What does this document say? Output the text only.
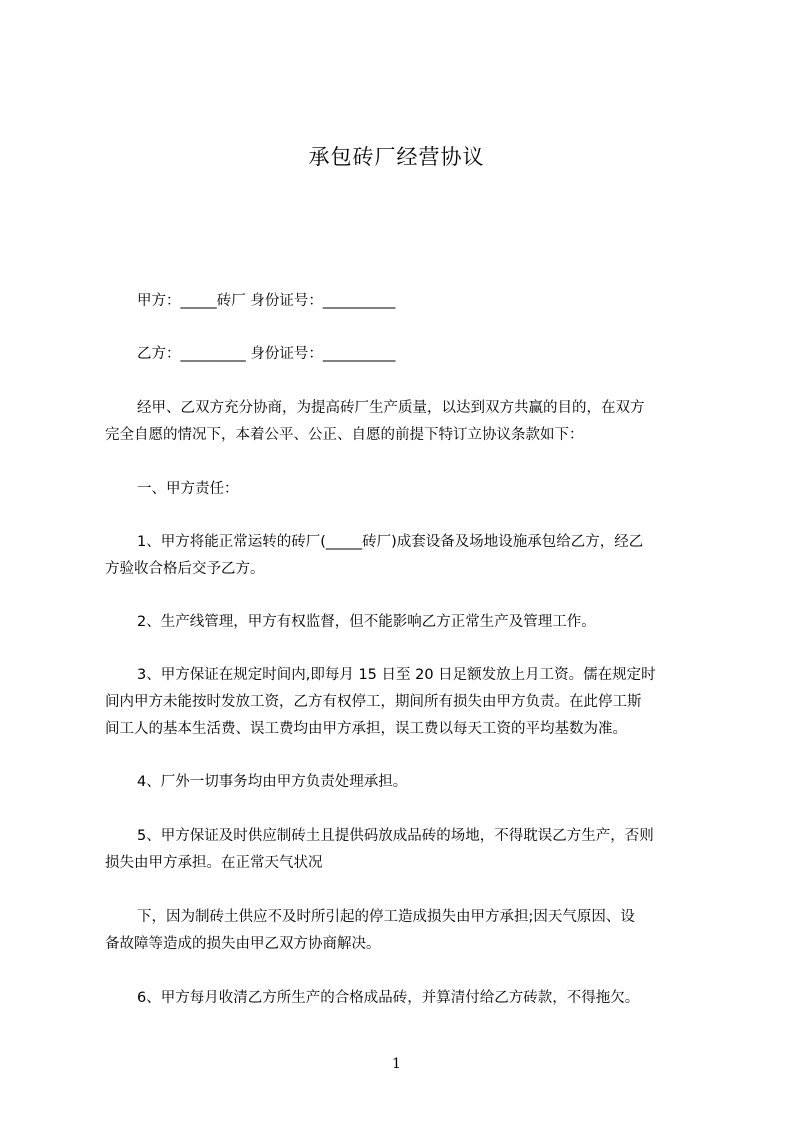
承包砖厂经营协议
甲方：_____砖厂 身份证号：__________
乙方：_________ 身份证号：__________
经甲、乙双方充分协商，为提高砖厂生产质量，以达到双方共赢的目的，在双方
完全自愿的情况下，本着公平、公正、自愿的前提下特订立协议条款如下：
一、甲方责任：
1、甲方将能正常运转的砖厂(_____砖厂)成套设备及场地设施承包给乙方，经乙
方验收合格后交予乙方。
2、生产线管理，甲方有权监督，但不能影响乙方正常生产及管理工作。
3、甲方保证在规定时间内,即每月 15 日至 20 日足额发放上月工资。儒在规定时
间内甲方未能按时发放工资，乙方有权停工，期间所有损失由甲方负责。在此停工斯
间工人的基本生活费、误工费均由甲方承担，误工费以每天工资的平均基数为准。
4、厂外一切事务均由甲方负责处理承担。
5、甲方保证及时供应制砖土且提供码放成品砖的场地，不得耽误乙方生产，否则
损失由甲方承担。在正常天气状况
下，因为制砖土供应不及时所引起的停工造成损失由甲方承担;因天气原因、设
备故障等造成的损失由甲乙双方协商解决。
6、甲方每月收清乙方所生产的合格成品砖，并算清付给乙方砖款，不得拖欠。
1
